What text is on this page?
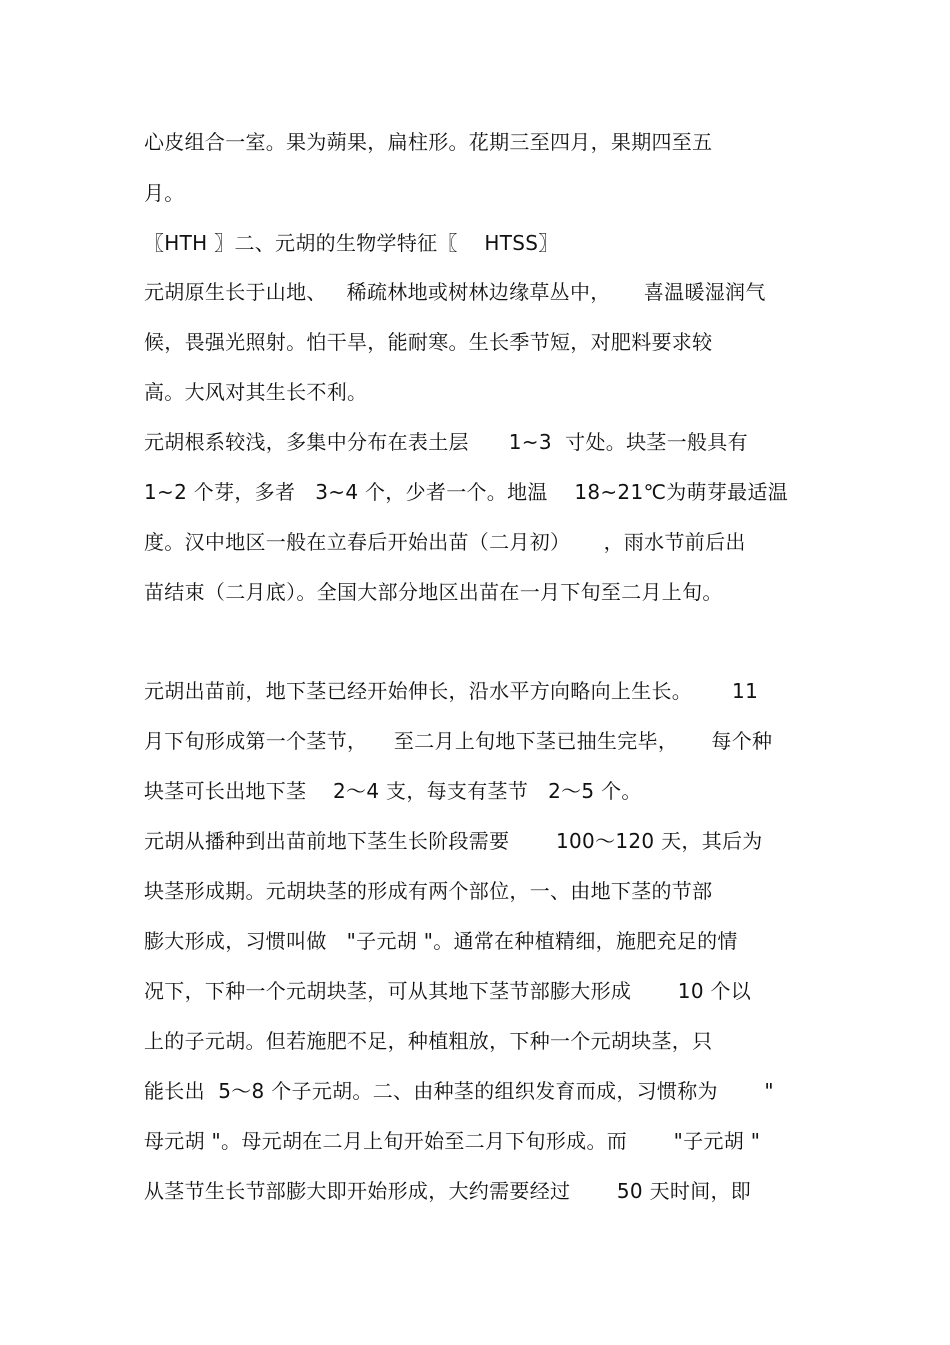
心皮组合一室。果为蒴果，扁柱形。花期三至四月，果期四至五
月。
〖HTH 〗二、元胡的生物学特征〖    HTSS〗
元胡原生长于山地、   稀疏林地或树林边缘草丛中，     喜温暖湿润气
候，畏强光照射。怕干旱，能耐寒。生长季节短，对肥料要求较
高。大风对其生长不利。
元胡根系较浅，多集中分布在表土层      1~3  寸处。块茎一般具有
1~2 个芽，多者   3~4 个，少者一个。地温    18~21℃为萌芽最适温
度。汉中地区一般在立春后开始出苗（二月初）     ，雨水节前后出
苗结束（二月底）。全国大部分地区出苗在一月下旬至二月上旬。
元胡出苗前，地下茎已经开始伸长，沿水平方向略向上生长。      11
月下旬形成第一个茎节，    至二月上旬地下茎已抽生完毕，     每个种
块茎可长出地下茎    2～4 支，每支有茎节   2～5 个。
元胡从播种到出苗前地下茎生长阶段需要       100～120 天，其后为
块茎形成期。元胡块茎的形成有两个部位，一、由地下茎的节部
膨大形成，习惯叫做   "子元胡 "。通常在种植精细，施肥充足的情
况下，下种一个元胡块茎，可从其地下茎节部膨大形成       10 个以
上的子元胡。但若施肥不足，种植粗放，下种一个元胡块茎，只
能长出  5～8 个子元胡。二、由种茎的组织发育而成，习惯称为       "
母元胡 "。母元胡在二月上旬开始至二月下旬形成。而       "子元胡 "
从茎节生长节部膨大即开始形成，大约需要经过       50 天时间，即
